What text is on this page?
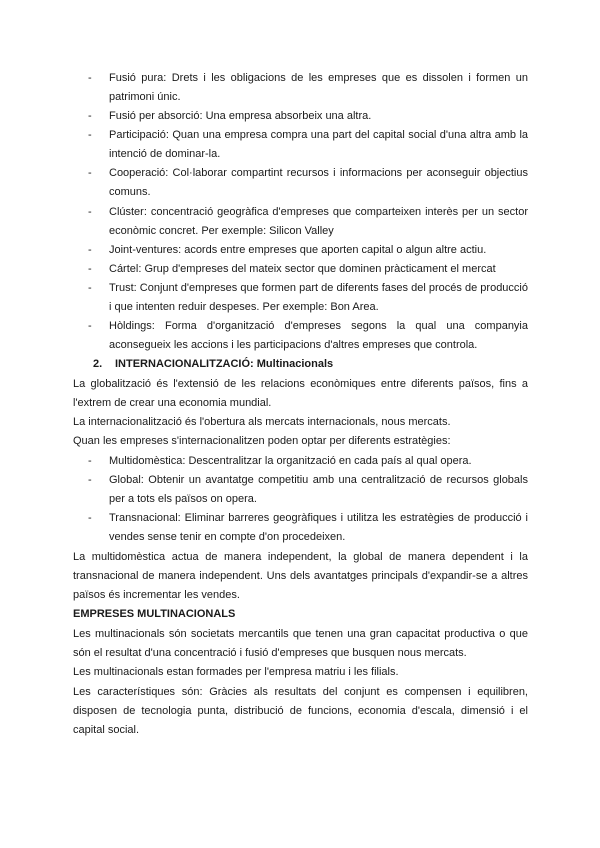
- Fusió pura: Drets i les obligacions de les empreses que es dissolen i formen un patrimoni únic.
- Fusió per absorció: Una empresa absorbeix una altra.
- Participació: Quan una empresa compra una part del capital social d'una altra amb la intenció de dominar-la.
- Cooperació: Col·laborar compartint recursos i informacions per aconseguir objectius comuns.
- Clúster: concentració geogràfica d'empreses que comparteixen interès per un sector econòmic concret. Per exemple: Silicon Valley
- Joint-ventures: acords entre empreses que aporten capital o algun altre actiu.
- Cártel: Grup d'empreses del mateix sector que dominen pràcticament el mercat
- Trust: Conjunt d'empreses que formen part de diferents fases del procés de producció i que intenten reduir despeses. Per exemple: Bon Area.
- Hòldings: Forma d'organització d'empreses segons la qual una companyia aconsegueix les accions i les participacions d'altres empreses que controla.
2. INTERNACIONALITZACIÓ: Multinacionals
La globalització és l'extensió de les relacions econòmiques entre diferents països, fins a l'extrem de crear una economia mundial.
La internacionalització és l'obertura als mercats internacionals, nous mercats.
Quan les empreses s'internacionalitzen poden optar per diferents estratègies:
- Multidomèstica: Descentralitzar la organització en cada país al qual opera.
- Global: Obtenir un avantatge competitiu amb una centralització de recursos globals per a tots els països on opera.
- Transnacional: Eliminar barreres geogràfiques i utilitza les estratègies de producció i vendes sense tenir en compte d'on procedeixen.
La multidomèstica actua de manera independent, la global de manera dependent i la transnacional de manera independent. Uns dels avantatges principals d'expandir-se a altres països és incrementar les vendes.
EMPRESES MULTINACIONALS
Les multinacionals són societats mercantils que tenen una gran capacitat productiva o que són el resultat d'una concentració i fusió d'empreses que busquen nous mercats.
Les multinacionals estan formades per l'empresa matriu i les filials.
Les característiques són: Gràcies als resultats del conjunt es compensen i equilibren, disposen de tecnologia punta, distribució de funcions, economia d'escala, dimensió i el capital social.
